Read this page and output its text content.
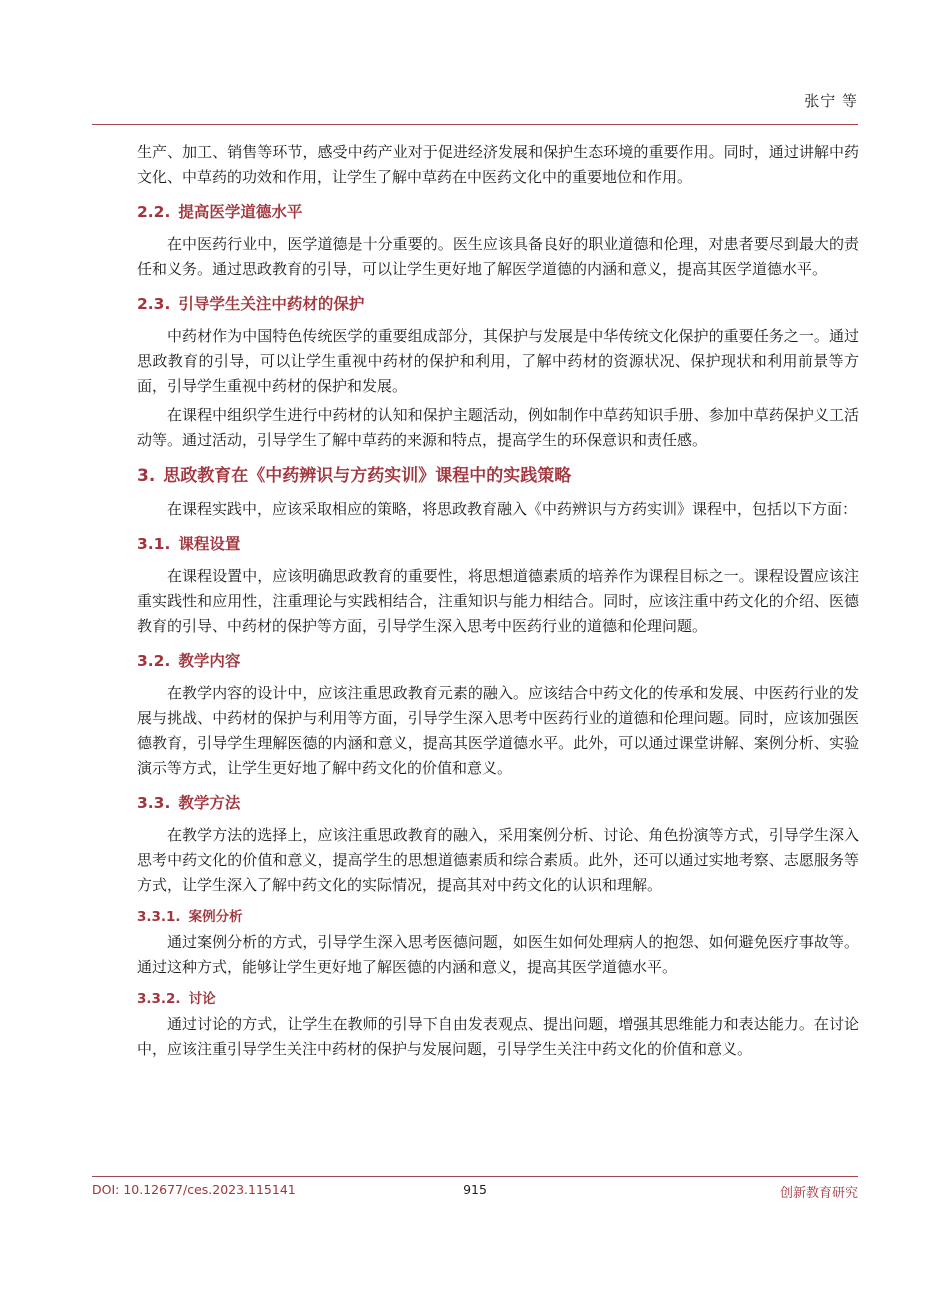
张宁 等

生产、加工、销售等环节，感受中药产业对于促进经济发展和保护生态环境的重要作用。同时，通过讲解中药文化、中草药的功效和作用，让学生了解中草药在中医药文化中的重要地位和作用。

2.2. 提高医学道德水平

在中医药行业中，医学道德是十分重要的。医生应该具备良好的职业道德和伦理，对患者要尽到最大的责任和义务。通过思政教育的引导，可以让学生更好地了解医学道德的内涵和意义，提高其医学道德水平。

2.3. 引导学生关注中药材的保护

中药材作为中国特色传统医学的重要组成部分，其保护与发展是中华传统文化保护的重要任务之一。通过思政教育的引导，可以让学生重视中药材的保护和利用，了解中药材的资源状况、保护现状和利用前景等方面，引导学生重视中药材的保护和发展。

在课程中组织学生进行中药材的认知和保护主题活动，例如制作中草药知识手册、参加中草药保护义工活动等。通过活动，引导学生了解中草药的来源和特点，提高学生的环保意识和责任感。

3. 思政教育在《中药辨识与方药实训》课程中的实践策略

在课程实践中，应该采取相应的策略，将思政教育融入《中药辨识与方药实训》课程中，包括以下方面：

3.1. 课程设置

在课程设置中，应该明确思政教育的重要性，将思想道德素质的培养作为课程目标之一。课程设置应该注重实践性和应用性，注重理论与实践相结合，注重知识与能力相结合。同时，应该注重中药文化的介绍、医德教育的引导、中药材的保护等方面，引导学生深入思考中医药行业的道德和伦理问题。

3.2. 教学内容

在教学内容的设计中，应该注重思政教育元素的融入。应该结合中药文化的传承和发展、中医药行业的发展与挑战、中药材的保护与利用等方面，引导学生深入思考中医药行业的道德和伦理问题。同时，应该加强医德教育，引导学生理解医德的内涵和意义，提高其医学道德水平。此外，可以通过课堂讲解、案例分析、实验演示等方式，让学生更好地了解中药文化的价值和意义。

3.3. 教学方法

在教学方法的选择上，应该注重思政教育的融入，采用案例分析、讨论、角色扮演等方式，引导学生深入思考中药文化的价值和意义，提高学生的思想道德素质和综合素质。此外，还可以通过实地考察、志愿服务等方式，让学生深入了解中药文化的实际情况，提高其对中药文化的认识和理解。

3.3.1. 案例分析

通过案例分析的方式，引导学生深入思考医德问题，如医生如何处理病人的抱怨、如何避免医疗事故等。通过这种方式，能够让学生更好地了解医德的内涵和意义，提高其医学道德水平。

3.3.2. 讨论

通过讨论的方式，让学生在教师的引导下自由发表观点、提出问题，增强其思维能力和表达能力。在讨论中，应该注重引导学生关注中药材的保护与发展问题，引导学生关注中药文化的价值和意义。

DOI: 10.12677/ces.2023.115141	915	创新教育研究
